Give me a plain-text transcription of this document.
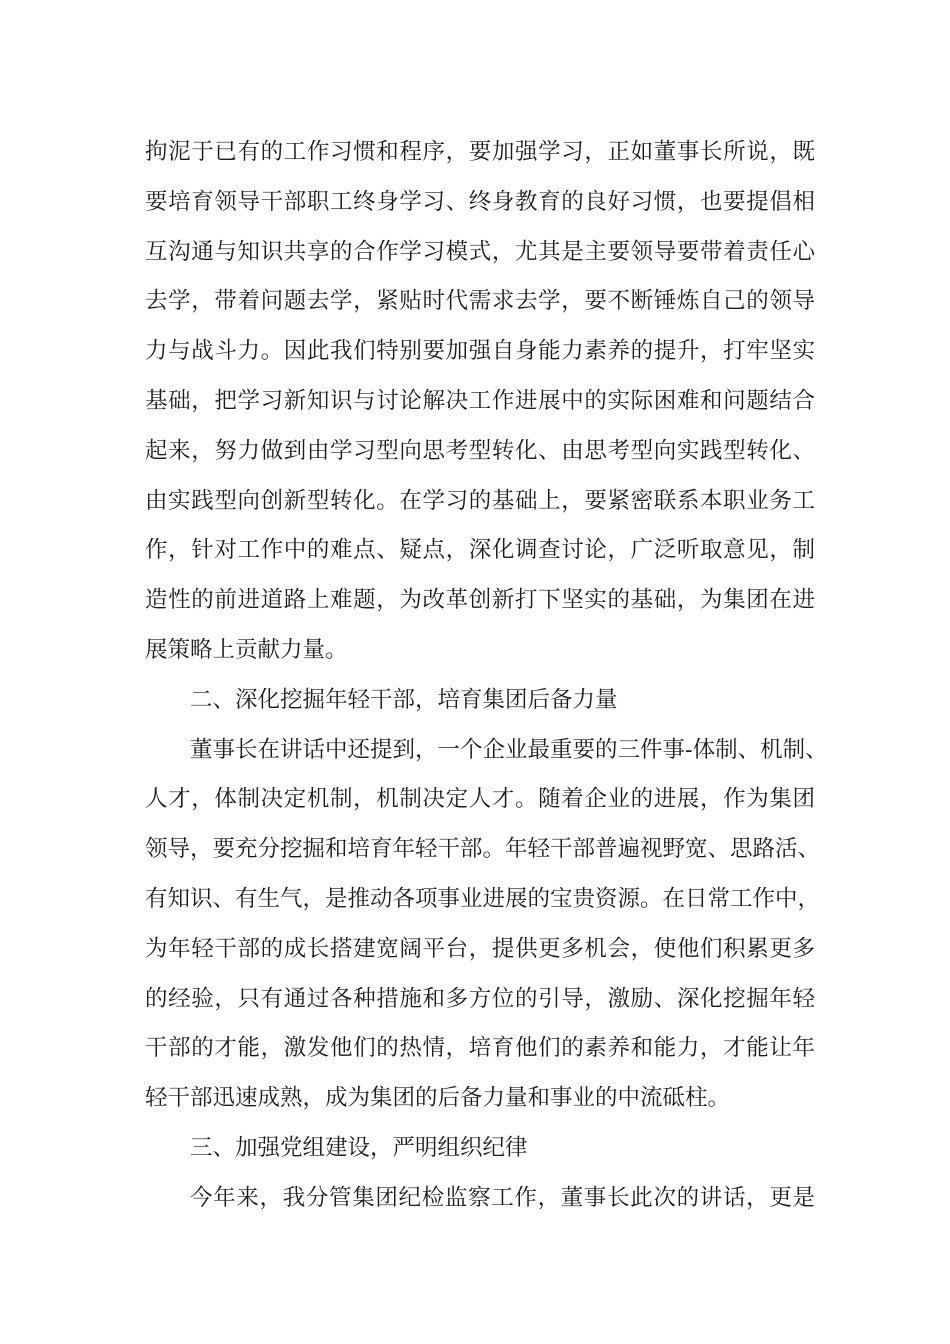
拘泥于已有的工作习惯和程序，要加强学习，正如董事长所说，既
要培育领导干部职工终身学习、终身教育的良好习惯，也要提倡相
互沟通与知识共享的合作学习模式，尤其是主要领导要带着责任心
去学，带着问题去学，紧贴时代需求去学，要不断锤炼自己的领导
力与战斗力。因此我们特别要加强自身能力素养的提升，打牢坚实
基础，把学习新知识与讨论解决工作进展中的实际困难和问题结合
起来，努力做到由学习型向思考型转化、由思考型向实践型转化、
由实践型向创新型转化。在学习的基础上，要紧密联系本职业务工
作，针对工作中的难点、疑点，深化调查讨论，广泛听取意见，制
造性的前进道路上难题，为改革创新打下坚实的基础，为集团在进
展策略上贡献力量。
二、深化挖掘年轻干部，培育集团后备力量
董事长在讲话中还提到，一个企业最重要的三件事-体制、机制、
人才，体制决定机制，机制决定人才。随着企业的进展，作为集团
领导，要充分挖掘和培育年轻干部。年轻干部普遍视野宽、思路活、
有知识、有生气，是推动各项事业进展的宝贵资源。在日常工作中，
为年轻干部的成长搭建宽阔平台，提供更多机会，使他们积累更多
的经验，只有通过各种措施和多方位的引导，激励、深化挖掘年轻
干部的才能，激发他们的热情，培育他们的素养和能力，才能让年
轻干部迅速成熟，成为集团的后备力量和事业的中流砥柱。
三、加强党组建设，严明组织纪律
今年来，我分管集团纪检监察工作，董事长此次的讲话，更是
